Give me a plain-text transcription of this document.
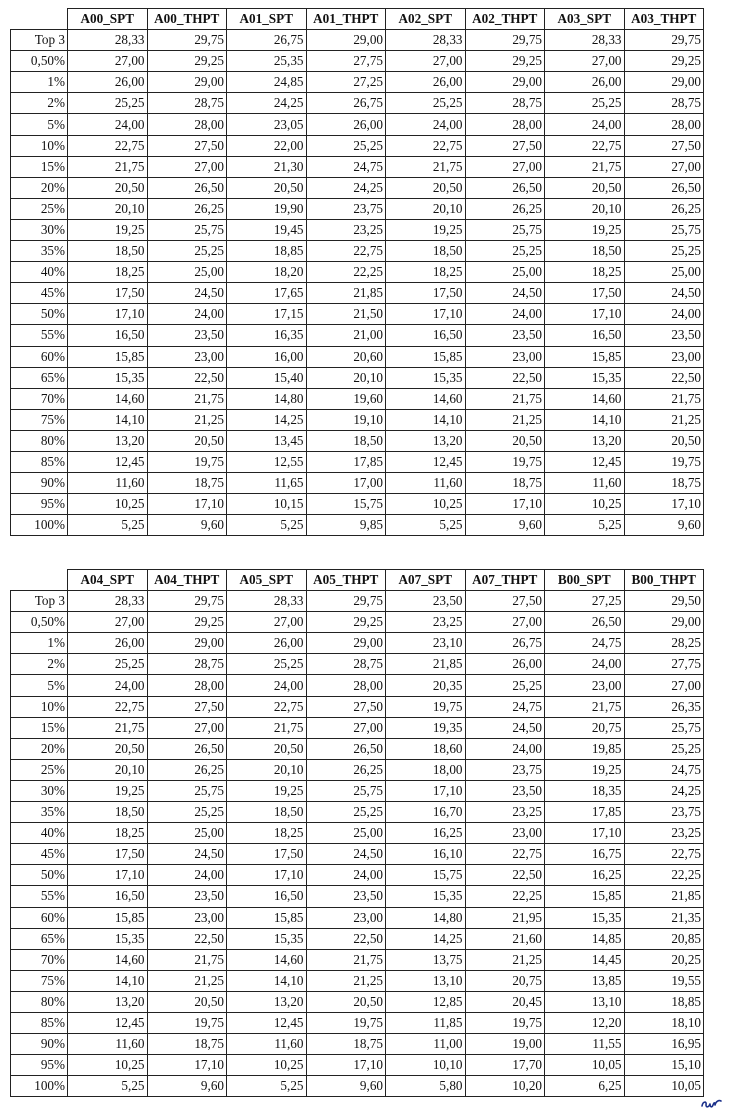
	A00_SPT	A00_THPT	A01_SPT	A01_THPT	A02_SPT	A02_THPT	A03_SPT	A03_THPT
Top 3	28,33	29,75	26,75	29,00	28,33	29,75	28,33	29,75
0,50%	27,00	29,25	25,35	27,75	27,00	29,25	27,00	29,25
1%	26,00	29,00	24,85	27,25	26,00	29,00	26,00	29,00
2%	25,25	28,75	24,25	26,75	25,25	28,75	25,25	28,75
5%	24,00	28,00	23,05	26,00	24,00	28,00	24,00	28,00
10%	22,75	27,50	22,00	25,25	22,75	27,50	22,75	27,50
15%	21,75	27,00	21,30	24,75	21,75	27,00	21,75	27,00
20%	20,50	26,50	20,50	24,25	20,50	26,50	20,50	26,50
25%	20,10	26,25	19,90	23,75	20,10	26,25	20,10	26,25
30%	19,25	25,75	19,45	23,25	19,25	25,75	19,25	25,75
35%	18,50	25,25	18,85	22,75	18,50	25,25	18,50	25,25
40%	18,25	25,00	18,20	22,25	18,25	25,00	18,25	25,00
45%	17,50	24,50	17,65	21,85	17,50	24,50	17,50	24,50
50%	17,10	24,00	17,15	21,50	17,10	24,00	17,10	24,00
55%	16,50	23,50	16,35	21,00	16,50	23,50	16,50	23,50
60%	15,85	23,00	16,00	20,60	15,85	23,00	15,85	23,00
65%	15,35	22,50	15,40	20,10	15,35	22,50	15,35	22,50
70%	14,60	21,75	14,80	19,60	14,60	21,75	14,60	21,75
75%	14,10	21,25	14,25	19,10	14,10	21,25	14,10	21,25
80%	13,20	20,50	13,45	18,50	13,20	20,50	13,20	20,50
85%	12,45	19,75	12,55	17,85	12,45	19,75	12,45	19,75
90%	11,60	18,75	11,65	17,00	11,60	18,75	11,60	18,75
95%	10,25	17,10	10,15	15,75	10,25	17,10	10,25	17,10
100%	5,25	9,60	5,25	9,85	5,25	9,60	5,25	9,60
	A04_SPT	A04_THPT	A05_SPT	A05_THPT	A07_SPT	A07_THPT	B00_SPT	B00_THPT
Top 3	28,33	29,75	28,33	29,75	23,50	27,50	27,25	29,50
0,50%	27,00	29,25	27,00	29,25	23,25	27,00	26,50	29,00
1%	26,00	29,00	26,00	29,00	23,10	26,75	24,75	28,25
2%	25,25	28,75	25,25	28,75	21,85	26,00	24,00	27,75
5%	24,00	28,00	24,00	28,00	20,35	25,25	23,00	27,00
10%	22,75	27,50	22,75	27,50	19,75	24,75	21,75	26,35
15%	21,75	27,00	21,75	27,00	19,35	24,50	20,75	25,75
20%	20,50	26,50	20,50	26,50	18,60	24,00	19,85	25,25
25%	20,10	26,25	20,10	26,25	18,00	23,75	19,25	24,75
30%	19,25	25,75	19,25	25,75	17,10	23,50	18,35	24,25
35%	18,50	25,25	18,50	25,25	16,70	23,25	17,85	23,75
40%	18,25	25,00	18,25	25,00	16,25	23,00	17,10	23,25
45%	17,50	24,50	17,50	24,50	16,10	22,75	16,75	22,75
50%	17,10	24,00	17,10	24,00	15,75	22,50	16,25	22,25
55%	16,50	23,50	16,50	23,50	15,35	22,25	15,85	21,85
60%	15,85	23,00	15,85	23,00	14,80	21,95	15,35	21,35
65%	15,35	22,50	15,35	22,50	14,25	21,60	14,85	20,85
70%	14,60	21,75	14,60	21,75	13,75	21,25	14,45	20,25
75%	14,10	21,25	14,10	21,25	13,10	20,75	13,85	19,55
80%	13,20	20,50	13,20	20,50	12,85	20,45	13,10	18,85
85%	12,45	19,75	12,45	19,75	11,85	19,75	12,20	18,10
90%	11,60	18,75	11,60	18,75	11,00	19,00	11,55	16,95
95%	10,25	17,10	10,25	17,10	10,10	17,70	10,05	15,10
100%	5,25	9,60	5,25	9,60	5,80	10,20	6,25	10,05
